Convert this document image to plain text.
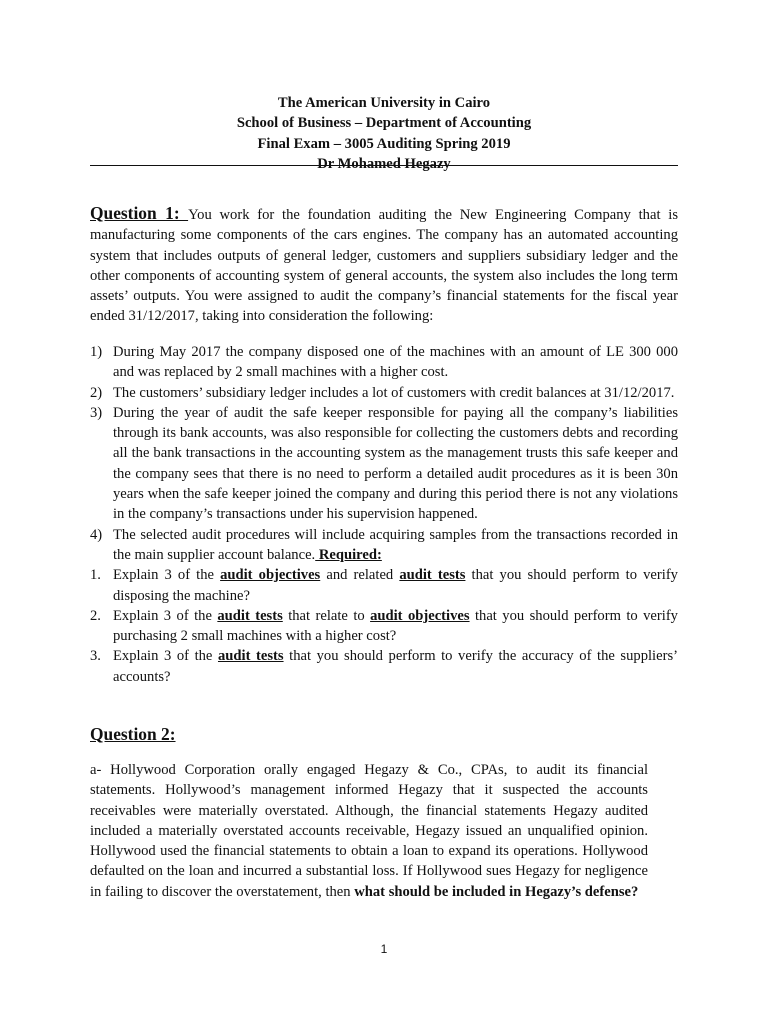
The American University in Cairo
School of Business – Department of Accounting
Final Exam – 3005 Auditing Spring 2019
Dr Mohamed Hegazy
Question 1: You work for the foundation auditing the New Engineering Company that is manufacturing some components of the cars engines. The company has an automated accounting system that includes outputs of general ledger, customers and suppliers subsidiary ledger and the other components of accounting system of general accounts, the system also includes the long term assets’ outputs. You were assigned to audit the company’s financial statements for the fiscal year ended 31/12/2017, taking into consideration the following:
1) During May 2017 the company disposed one of the machines with an amount of LE 300 000 and was replaced by 2 small machines with a higher cost.
2) The customers’ subsidiary ledger includes a lot of customers with credit balances at 31/12/2017.
3) During the year of audit the safe keeper responsible for paying all the company’s liabilities through its bank accounts, was also responsible for collecting the customers debts and recording all the bank transactions in the accounting system as the management trusts this safe keeper and the company sees that there is no need to perform a detailed audit procedures as it is been 30n years when the safe keeper joined the company and during this period there is not any violations in the company’s transactions under his supervision happened.
4) The selected audit procedures will include acquiring samples from the transactions recorded in the main supplier account balance. Required:
1. Explain 3 of the audit objectives and related audit tests that you should perform to verify disposing the machine?
2. Explain 3 of the audit tests that relate to audit objectives that you should perform to verify purchasing 2 small machines with a higher cost?
3. Explain 3 of the audit tests that you should perform to verify the accuracy of the suppliers’ accounts?
Question 2:
a- Hollywood Corporation orally engaged Hegazy & Co., CPAs, to audit its financial statements. Hollywood’s management informed Hegazy that it suspected the accounts receivables were materially overstated. Although, the financial statements Hegazy audited included a materially overstated accounts receivable, Hegazy issued an unqualified opinion. Hollywood used the financial statements to obtain a loan to expand its operations. Hollywood defaulted on the loan and incurred a substantial loss. If Hollywood sues Hegazy for negligence in failing to discover the overstatement, then what should be included in Hegazy’s defense?
1
